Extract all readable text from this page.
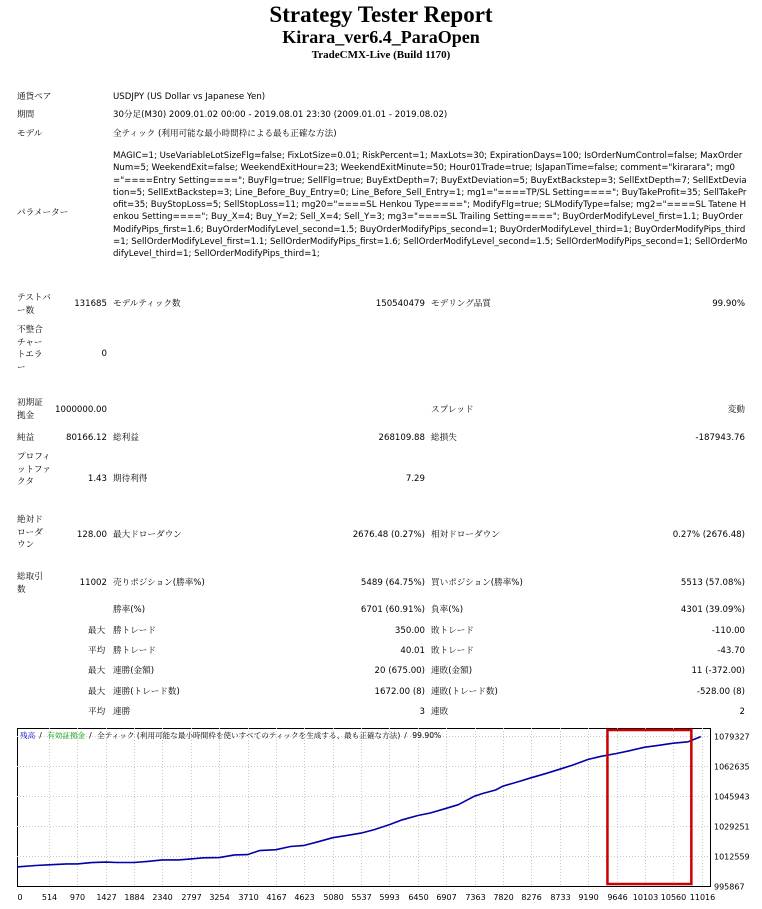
Strategy Tester Report
Kirara_ver6.4_ParaOpen
TradeCMX-Live (Build 1170)
通貨ペア	USDJPY (US Dollar vs Japanese Yen)
期間	30分足(M30) 2009.01.02 00:00 - 2019.08.01 23:30 (2009.01.01 - 2019.08.02)
モデル	全ティック (利用可能な最小時間枠による最も正確な方法)
パラメーター
MAGIC=1; UseVariableLotSizeFlg=false; FixLotSize=0.01; RiskPercent=1; MaxLots=30; ExpirationDays=100; IsOrderNumControl=false; MaxOrderNum=5; WeekendExit=false; WeekendExitHour=23; WeekendExitMinute=50; Hour01Trade=true; IsJapanTime=false; comment="kirarara"; mg0="====Entry Setting===="; BuyFlg=true; SellFlg=true; BuyExtDepth=7; BuyExtDeviation=5; BuyExtBackstep=3; SellExtDepth=7; SellExtDeviation=5; SellExtBackstep=3; Line_Before_Buy_Entry=0; Line_Before_Sell_Entry=1; mg1="====TP/SL Setting===="; BuyTakeProfit=35; SellTakeProfit=35; BuyStopLoss=5; SellStopLoss=11; mg20="====SL Henkou Type===="; ModifyFlg=true; SLModifyType=false; mg2="====SL Tatene Henkou Setting===="; Buy_X=4; Buy_Y=2; Sell_X=4; Sell_Y=3; mg3="====SL Trailing Setting===="; BuyOrderModifyLevel_first=1.1; BuyOrderModifyPips_first=1.6; BuyOrderModifyLevel_second=1.5; BuyOrderModifyPips_second=1; BuyOrderModifyLevel_third=1; BuyOrderModifyPips_third=1; SellOrderModifyLevel_first=1.1; SellOrderModifyPips_first=1.6; SellOrderModifyLevel_second=1.5; SellOrderModifyPips_second=1; SellOrderModifyLevel_third=1; SellOrderModifyPips_third=1;
テストバー数
131685 モデルティック数	150540479 モデリング品質	99.90%
不整合チャートエラー
0
初期証拠金
1000000.00	スプレッド	変動
純益	80166.12 総利益	268109.88 総損失	-187943.76
プロフィットファクタ	1.43 期待利得	7.29
絶対ドローダウン
128.00 最大ドローダウン	2676.48 (0.27%) 相対ドローダウン	0.27% (2676.48)
総取引数
11002 売りポジション(勝率%)	5489 (64.75%) 買いポジション(勝率%)	5513 (57.08%)
勝率(%)	6701 (60.91%) 負率(%)	4301 (39.09%)
最大 勝トレード	350.00 敗トレード	-110.00
平均 勝トレード	40.01 敗トレード	-43.70
最大 連勝(金額)	20 (675.00) 連敗(金額)	11 (-372.00)
最大 連勝(トレード数)	1672.00 (8) 連敗(トレード数)	-528.00 (8)
平均 連勝	3 連敗	2
0 514 970 1427 1884 2340 2797 3254 3710 4167 4623 5080 5537 5993 6450 6907 7363 7820 8276 8733 9190 9646 10103 10560 11016
1079327
1062635
1045943
1029251
1012559
995867
残高 / 有効証拠金 / 全ティック (利用可能な最小時間枠を使いすべてのティックを生成する、最も正確な方法) / 99.90%
